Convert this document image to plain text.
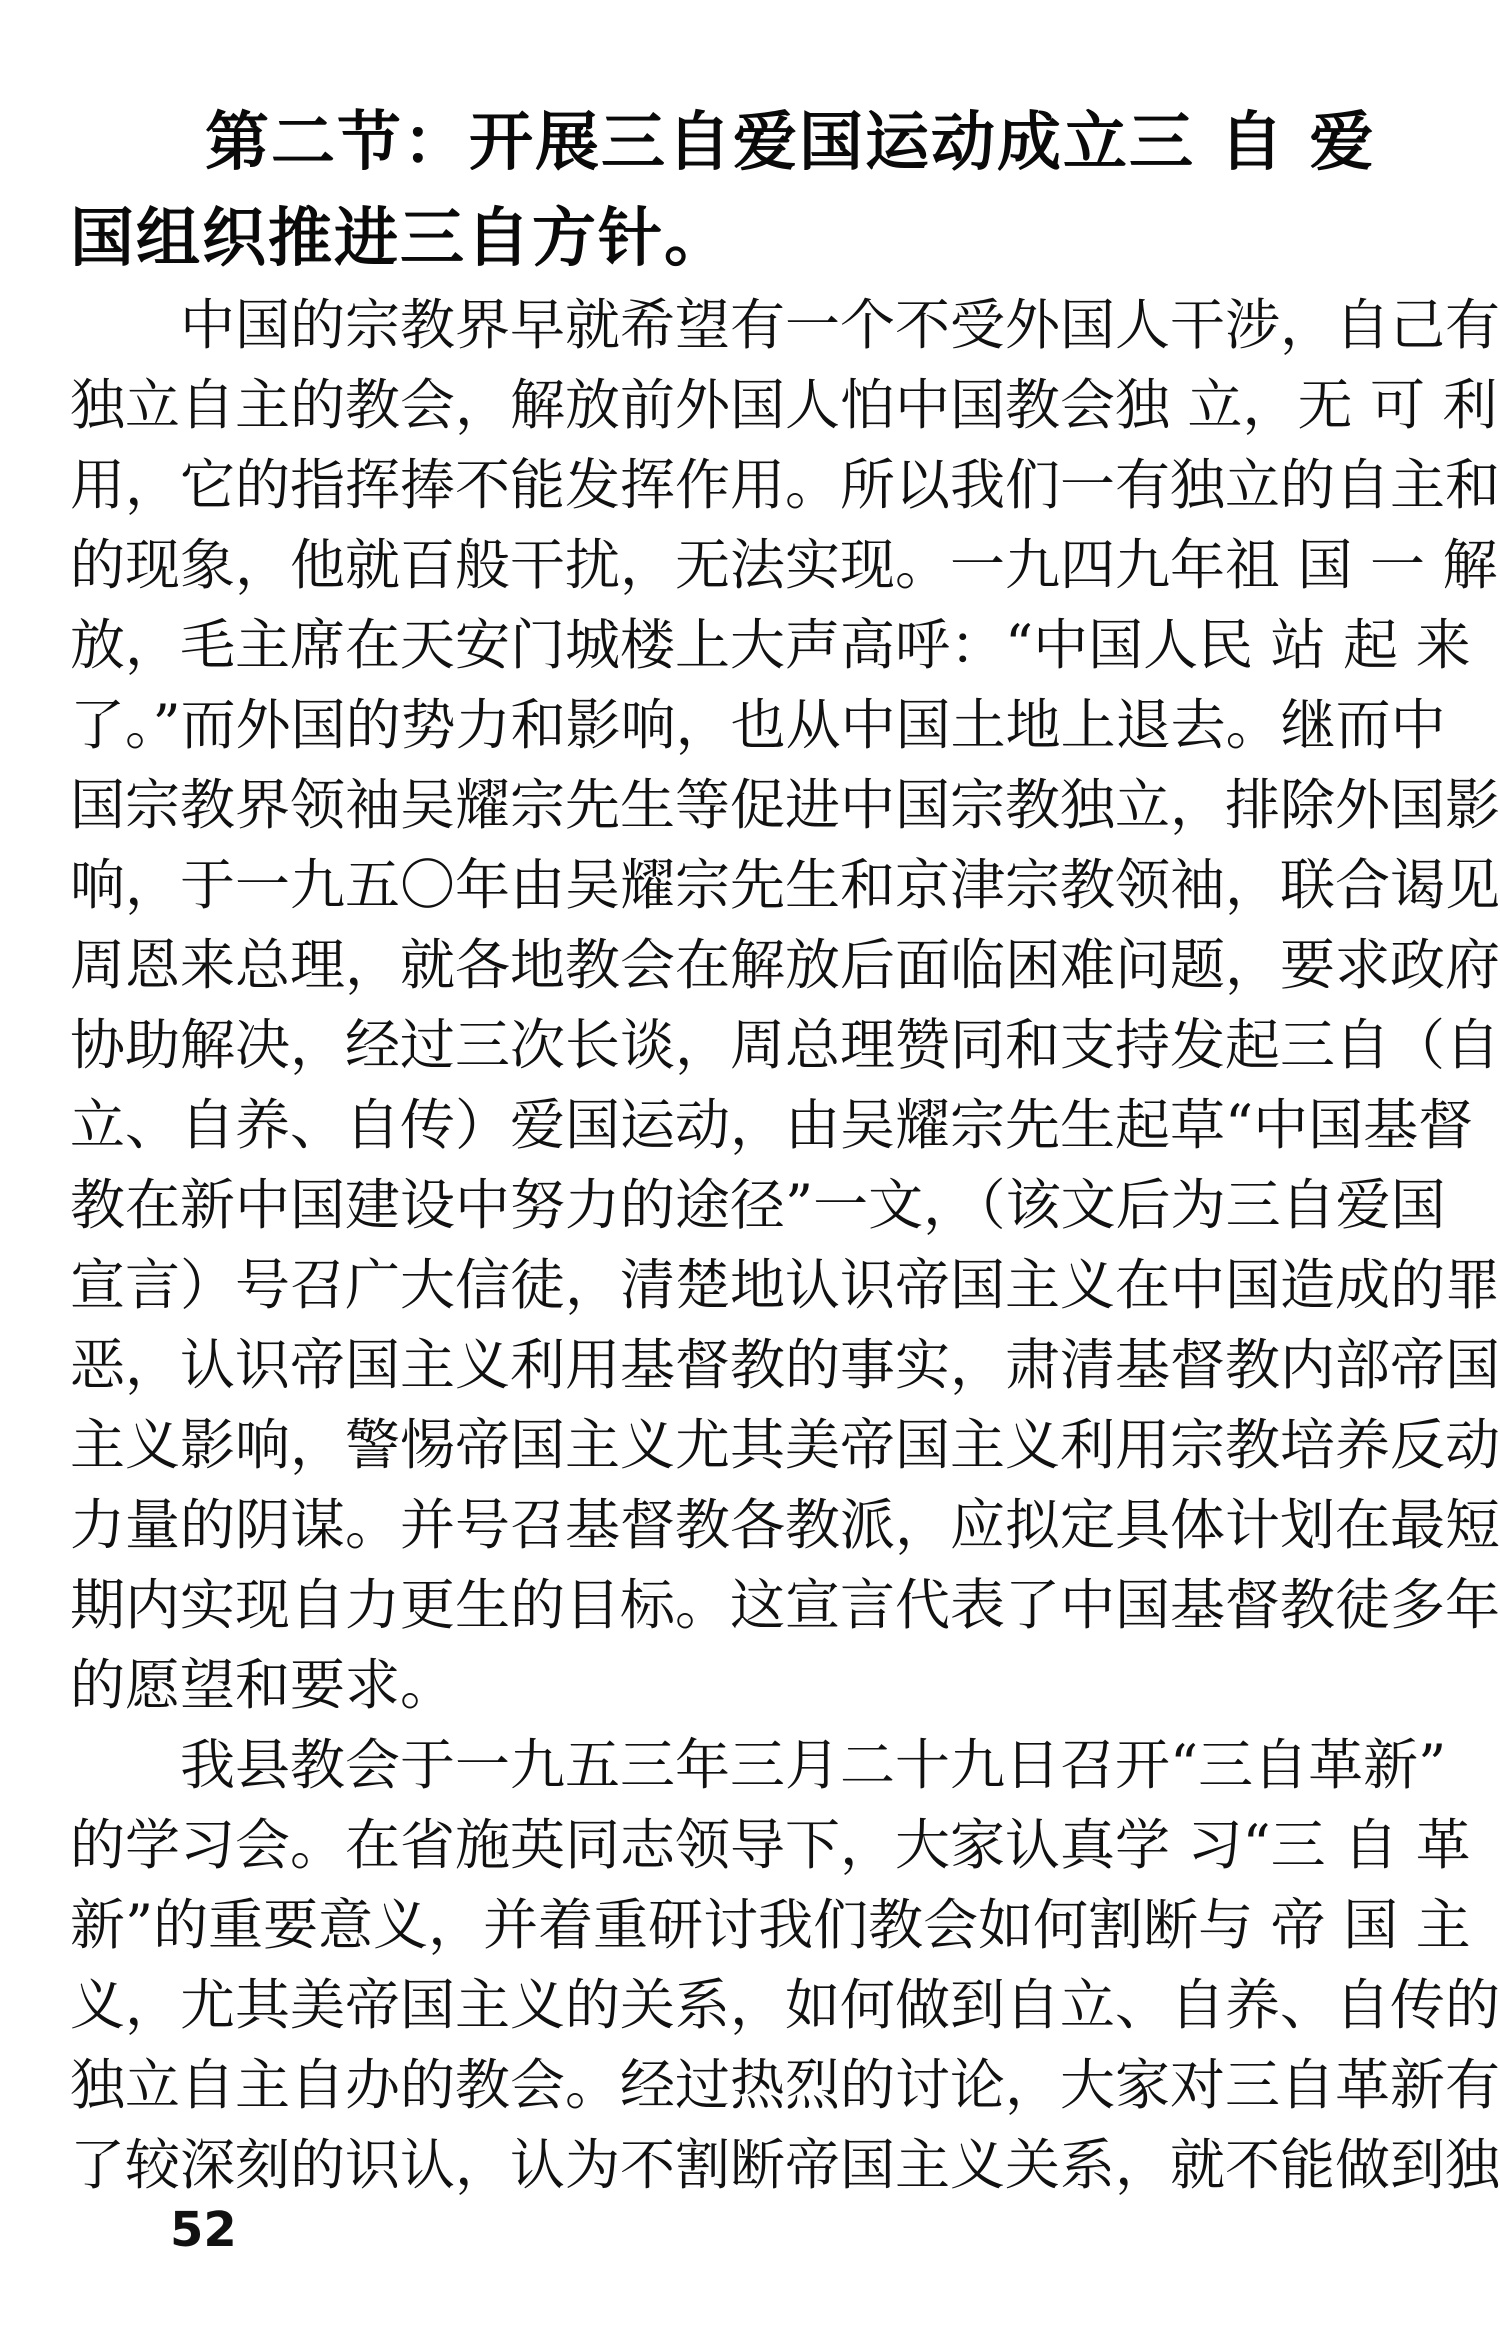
第二节：开展三自爱国运动成立三 自 爱
国组织推进三自方针。
中国的宗教界早就希望有一个不受外国人干涉，自己有
独立自主的教会，解放前外国人怕中国教会独 立，无 可 利
用，它的指挥捧不能发挥作用。所以我们一有独立的自主和
的现象，他就百般干扰，无法实现。一九四九年祖 国 一 解
放，毛主席在天安门城楼上大声高呼：“中国人民 站 起 来
了。”而外国的势力和影响，也从中国土地上退去。继而中
国宗教界领袖吴耀宗先生等促进中国宗教独立，排除外国影
响，于一九五〇年由吴耀宗先生和京津宗教领袖，联合谒见
周恩来总理，就各地教会在解放后面临困难问题，要求政府
协助解决，经过三次长谈，周总理赞同和支持发起三自（自
立、自养、自传）爱国运动，由吴耀宗先生起草“中国基督
教在新中国建设中努力的途径”一文，（该文后为三自爱国
宣言）号召广大信徒，清楚地认识帝国主义在中国造成的罪
恶，认识帝国主义利用基督教的事实，肃清基督教内部帝国
主义影响，警惕帝国主义尤其美帝国主义利用宗教培养反动
力量的阴谋。并号召基督教各教派，应拟定具体计划在最短
期内实现自力更生的目标。这宣言代表了中国基督教徒多年
的愿望和要求。
我县教会于一九五三年三月二十九日召开“三自革新”
的学习会。在省施英同志领导下，大家认真学 习“三 自 革
新”的重要意义，并着重研讨我们教会如何割断与 帝 国 主
义，尤其美帝国主义的关系，如何做到自立、自养、自传的
独立自主自办的教会。经过热烈的讨论，大家对三自革新有
了较深刻的识认，认为不割断帝国主义关系，就不能做到独
52
